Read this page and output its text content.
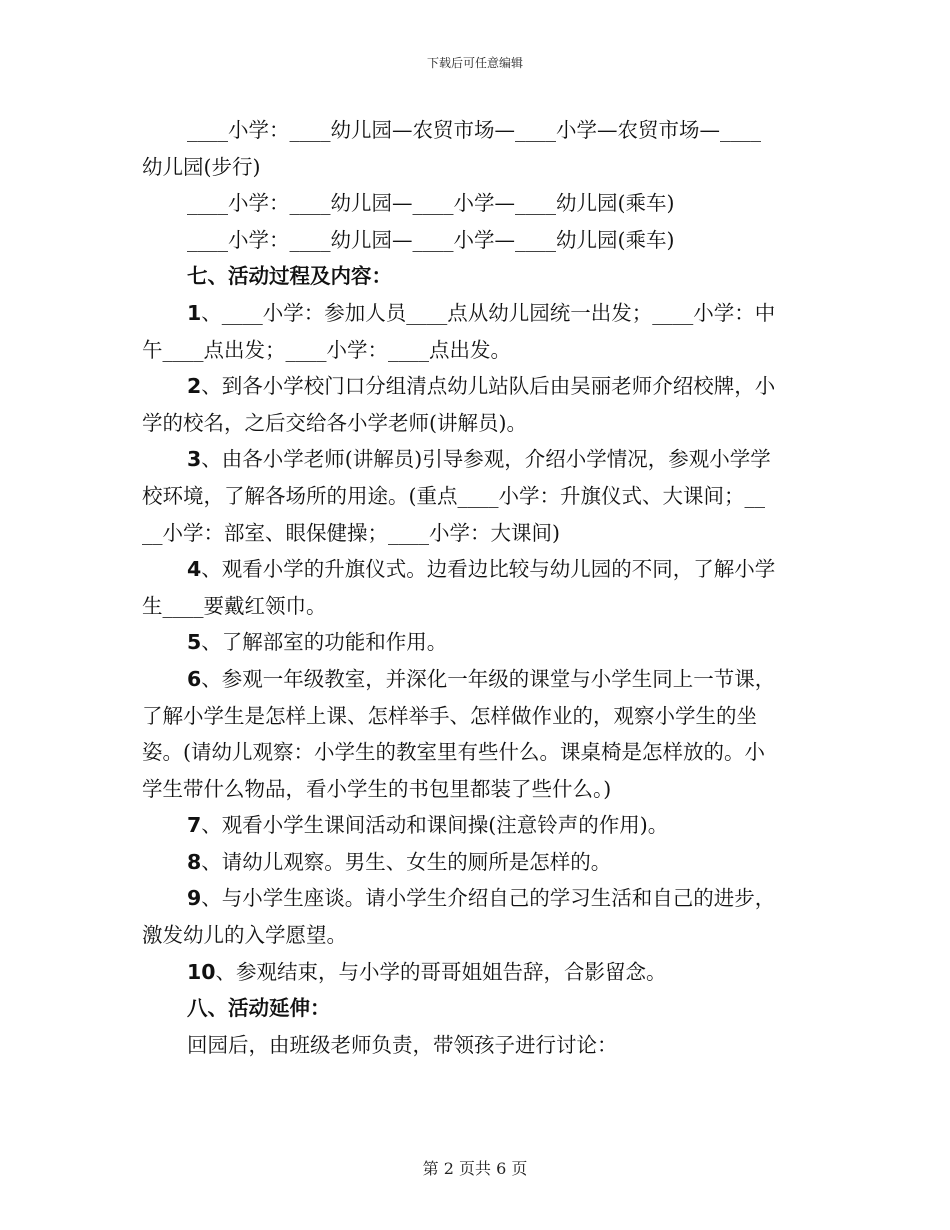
下载后可任意编辑
____小学：____幼儿园—农贸市场—____小学—农贸市场—____
幼儿园(步行)
____小学：____幼儿园—____小学—____幼儿园(乘车)
____小学：____幼儿园—____小学—____幼儿园(乘车)
七、活动过程及内容：
1、____小学：参加人员____点从幼儿园统一出发；____小学：中
午____点出发；____小学：____点出发。
2、到各小学校门口分组清点幼儿站队后由吴丽老师介绍校牌，小
学的校名，之后交给各小学老师(讲解员)。
3、由各小学老师(讲解员)引导参观，介绍小学情况，参观小学学
校环境，了解各场所的用途。(重点____小学：升旗仪式、大课间；__
__小学：部室、眼保健操；____小学：大课间)
4、观看小学的升旗仪式。边看边比较与幼儿园的不同，了解小学
生____要戴红领巾。
5、了解部室的功能和作用。
6、参观一年级教室，并深化一年级的课堂与小学生同上一节课，
了解小学生是怎样上课、怎样举手、怎样做作业的，观察小学生的坐
姿。(请幼儿观察：小学生的教室里有些什么。课桌椅是怎样放的。小
学生带什么物品，看小学生的书包里都装了些什么。)
7、观看小学生课间活动和课间操(注意铃声的作用)。
8、请幼儿观察。男生、女生的厕所是怎样的。
9、与小学生座谈。请小学生介绍自己的学习生活和自己的进步，
激发幼儿的入学愿望。
10、参观结束，与小学的哥哥姐姐告辞，合影留念。
八、活动延伸：
回园后，由班级老师负责，带领孩子进行讨论：
第 2 页共 6 页
